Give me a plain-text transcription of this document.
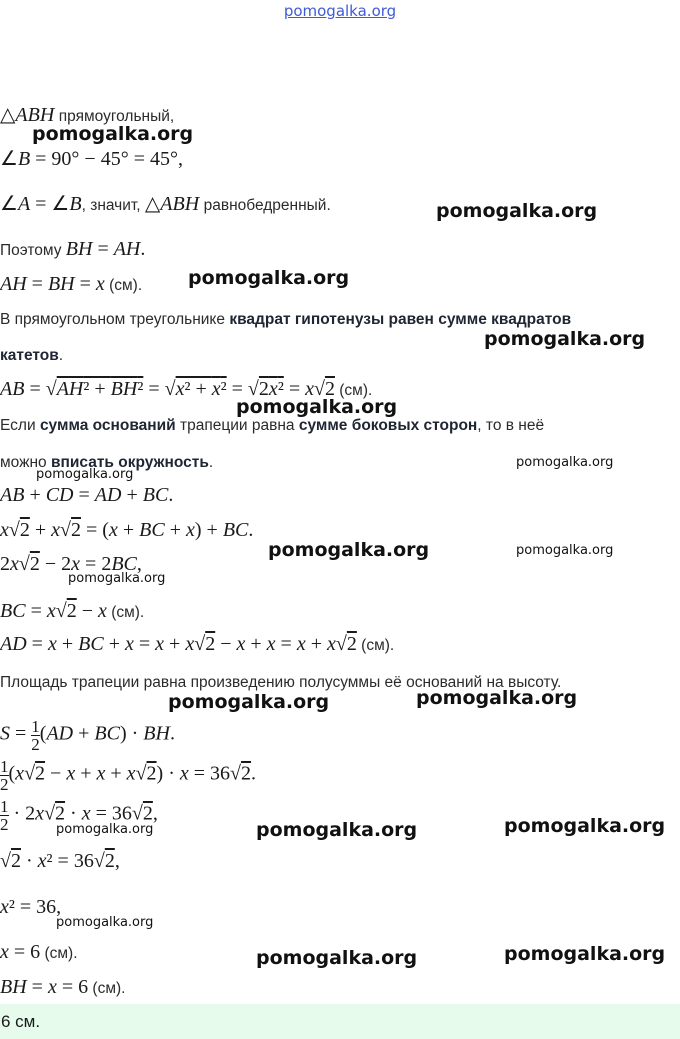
pomogalka.org
△ABH прямоугольный,
∠B = 90° − 45° = 45°,
∠A = ∠B, значит, △ABH равнобедренный.
Поэтому BH = AH.
AH = BH = x (см).
В прямоугольном треугольнике квадрат гипотенузы равен сумме квадратов
катетов.
AB = √AH² + BH² = √x² + x² = √2x² = x√2 (см).
Если сумма оснований трапеции равна сумме боковых сторон, то в неё
можно вписать окружность.
AB + CD = AD + BC.
x√2 + x√2 = (x + BC + x) + BC.
2x√2 − 2x = 2BC,
BC = x√2 − x (см).
AD = x + BC + x = x + x√2 − x + x = x + x√2 (см).
Площадь трапеции равна произведению полусуммы её оснований на высоту.
$S = \frac{1}{2} (AD + BC)$ · BH.
$\frac{1}{2} (x√2 - x + x + x√2) \cdot x = 36√2$.
$\frac{1}{2} \cdot 2x√2 \cdot x = 36√2$,
√2 · x² = 36√2,
x² = 36,
x = 6 (см).
BH = x = 6 (см).
6 см.
pomogalka.org
pomogalka.org
pomogalka.org
pomogalka.org
pomogalka.org
pomogalka.org
pomogalka.org
pomogalka.org	pomogalka.org
pomogalka.org
pomogalka.org	pomogalka.org
pomogalka.org	pomogalka.org	pomogalka.org
pomogalka.org
pomogalka.org	pomogalka.org
